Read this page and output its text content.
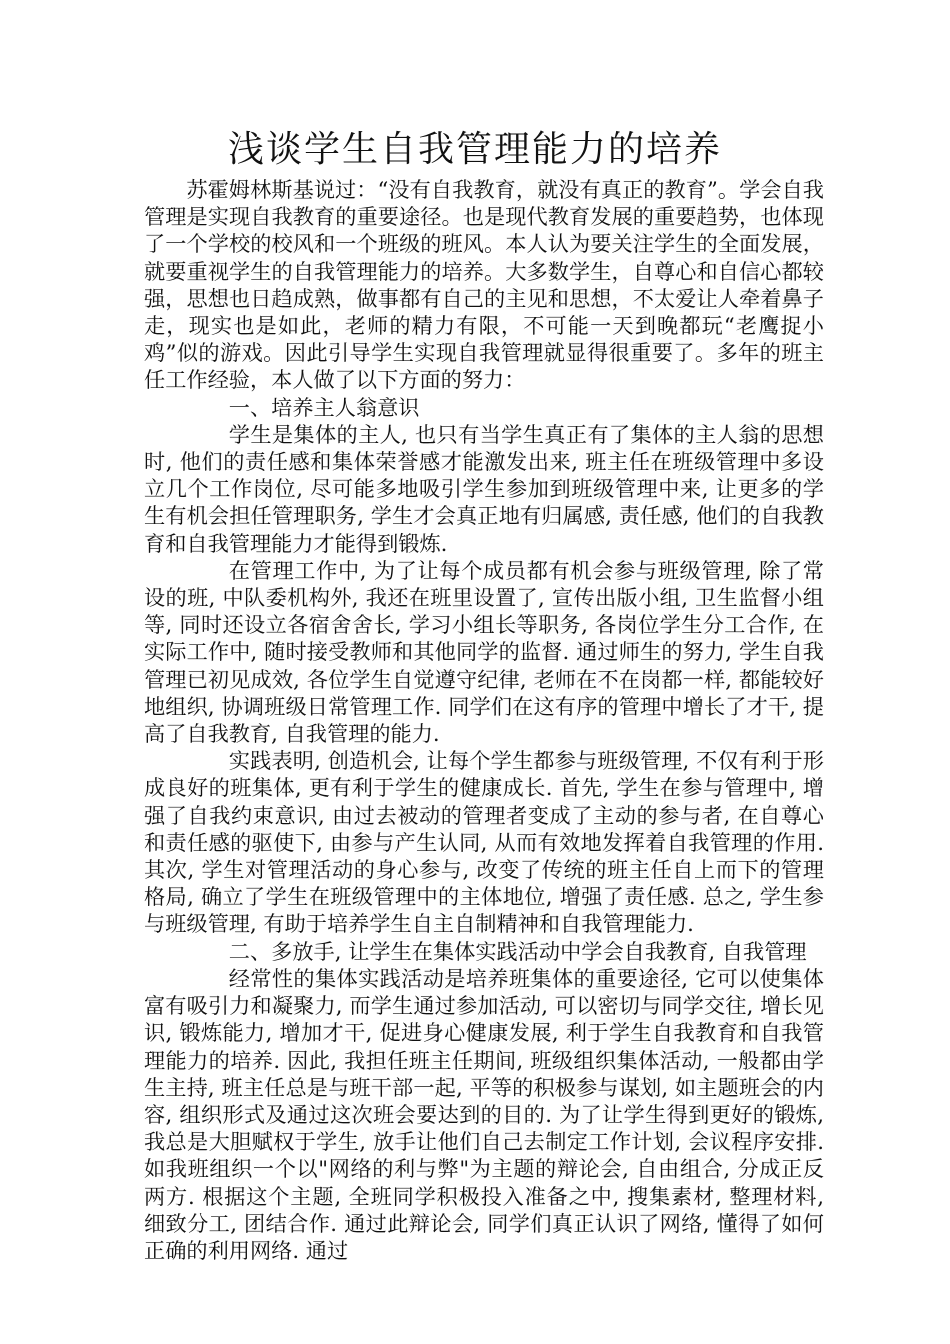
浅谈学生自我管理能力的培养

苏霍姆林斯基说过：“没有自我教育，就没有真正的教育”。学会自我管理是实现自我教育的重要途径。也是现代教育发展的重要趋势，也体现了一个学校的校风和一个班级的班风。本人认为要关注学生的全面发展，就要重视学生的自我管理能力的培养。大多数学生，自尊心和自信心都较强，思想也日趋成熟，做事都有自己的主见和思想，不太爱让人牵着鼻子走，现实也是如此，老师的精力有限，不可能一天到晚都玩“老鹰捉小鸡”似的游戏。因此引导学生实现自我管理就显得很重要了。多年的班主任工作经验，本人做了以下方面的努力：

一、培养主人翁意识

学生是集体的主人, 也只有当学生真正有了集体的主人翁的思想时, 他们的责任感和集体荣誉感才能激发出来, 班主任在班级管理中多设立几个工作岗位, 尽可能多地吸引学生参加到班级管理中来, 让更多的学生有机会担任管理职务, 学生才会真正地有归属感, 责任感, 他们的自我教育和自我管理能力才能得到锻炼.

在管理工作中, 为了让每个成员都有机会参与班级管理, 除了常设的班, 中队委机构外, 我还在班里设置了, 宣传出版小组, 卫生监督小组等, 同时还设立各宿舍舍长, 学习小组长等职务, 各岗位学生分工合作, 在实际工作中, 随时接受教师和其他同学的监督. 通过师生的努力, 学生自我管理已初见成效, 各位学生自觉遵守纪律, 老师在不在岗都一样, 都能较好地组织, 协调班级日常管理工作. 同学们在这有序的管理中增长了才干, 提高了自我教育, 自我管理的能力.

实践表明, 创造机会, 让每个学生都参与班级管理, 不仅有利于形成良好的班集体, 更有利于学生的健康成长. 首先, 学生在参与管理中, 增强了自我约束意识, 由过去被动的管理者变成了主动的参与者, 在自尊心和责任感的驱使下, 由参与产生认同, 从而有效地发挥着自我管理的作用. 其次, 学生对管理活动的身心参与, 改变了传统的班主任自上而下的管理格局, 确立了学生在班级管理中的主体地位, 增强了责任感. 总之, 学生参与班级管理, 有助于培养学生自主自制精神和自我管理能力.

二、多放手, 让学生在集体实践活动中学会自我教育, 自我管理

经常性的集体实践活动是培养班集体的重要途径, 它可以使集体富有吸引力和凝聚力, 而学生通过参加活动, 可以密切与同学交往, 增长见识, 锻炼能力, 增加才干, 促进身心健康发展, 利于学生自我教育和自我管理能力的培养. 因此, 我担任班主任期间, 班级组织集体活动, 一般都由学生主持, 班主任总是与班干部一起, 平等的积极参与谋划, 如主题班会的内容, 组织形式及通过这次班会要达到的目的. 为了让学生得到更好的锻炼, 我总是大胆赋权于学生, 放手让他们自己去制定工作计划, 会议程序安排. 如我班组织一个以"网络的利与弊"为主题的辩论会, 自由组合, 分成正反两方. 根据这个主题, 全班同学积极投入准备之中, 搜集素材, 整理材料, 细致分工, 团结合作. 通过此辩论会, 同学们真正认识了网络, 懂得了如何正确的利用网络. 通过
